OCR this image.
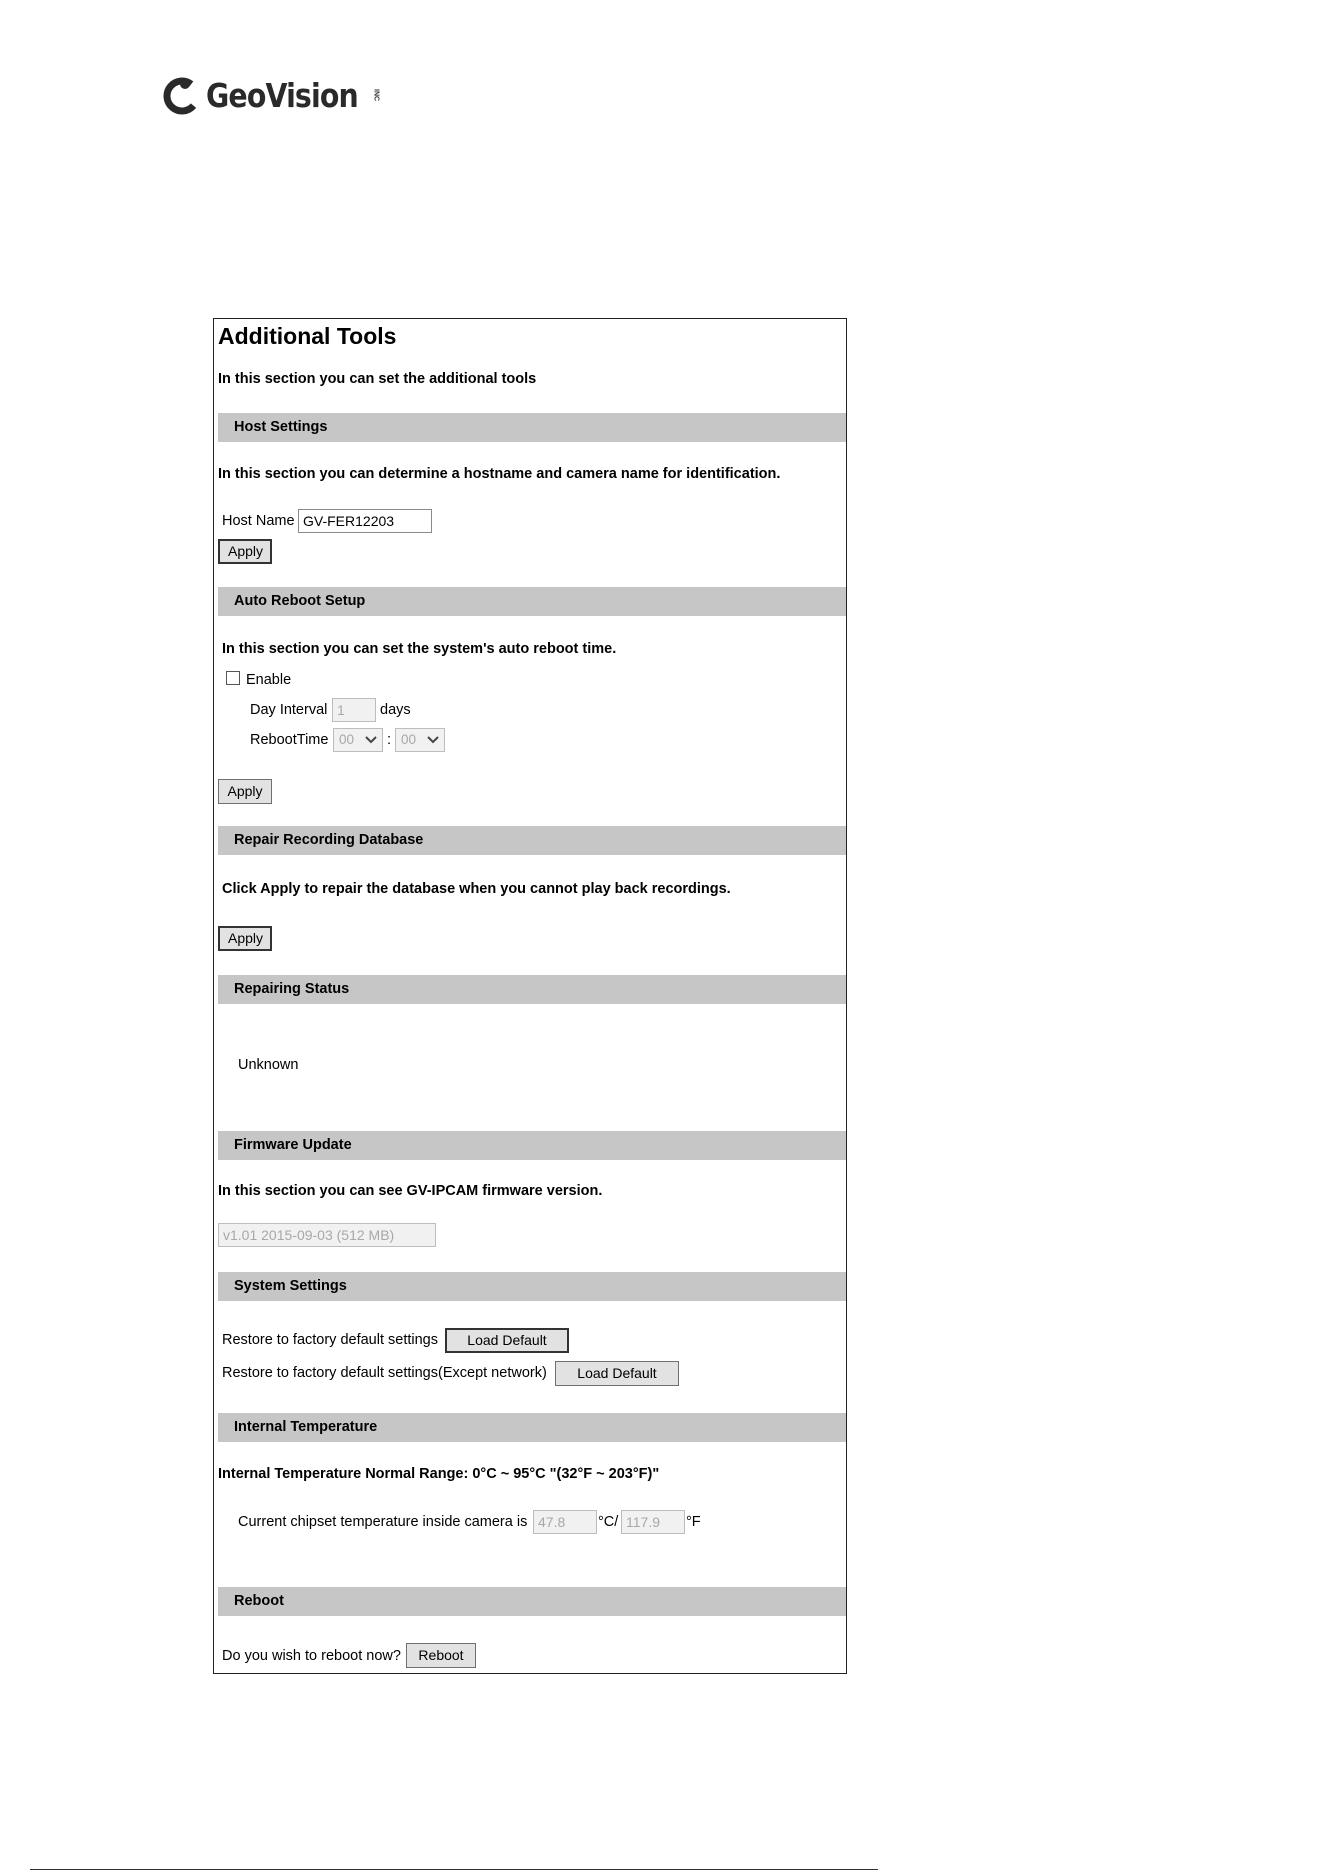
GeoVision INC
Additional Tools
In this section you can set the additional tools
Host Settings
In this section you can determine a hostname and camera name for identification.
Host Name
GV-FER12203
Apply
Auto Reboot Setup
In this section you can set the system's auto reboot time.
Enable
Day Interval
1	days
RebootTime 00	: 00
Apply
Repair Recording Database
Click Apply to repair the database when you cannot play back recordings.
Apply
Repairing Status
Unknown
Firmware Update
In this section you can see GV-IPCAM firmware version.
v1.01 2015-09-03 (512 MB)
System Settings
Restore to factory default settings	Load Default
Restore to factory default settings(Except network)	Load Default
Internal Temperature
Internal Temperature Normal Range: 0°C ~ 95°C "(32°F ~ 203°F)"
Current chipset temperature inside camera is
47.8	°C/
117.9	°F
Reboot
Do you wish to reboot now?	Reboot
